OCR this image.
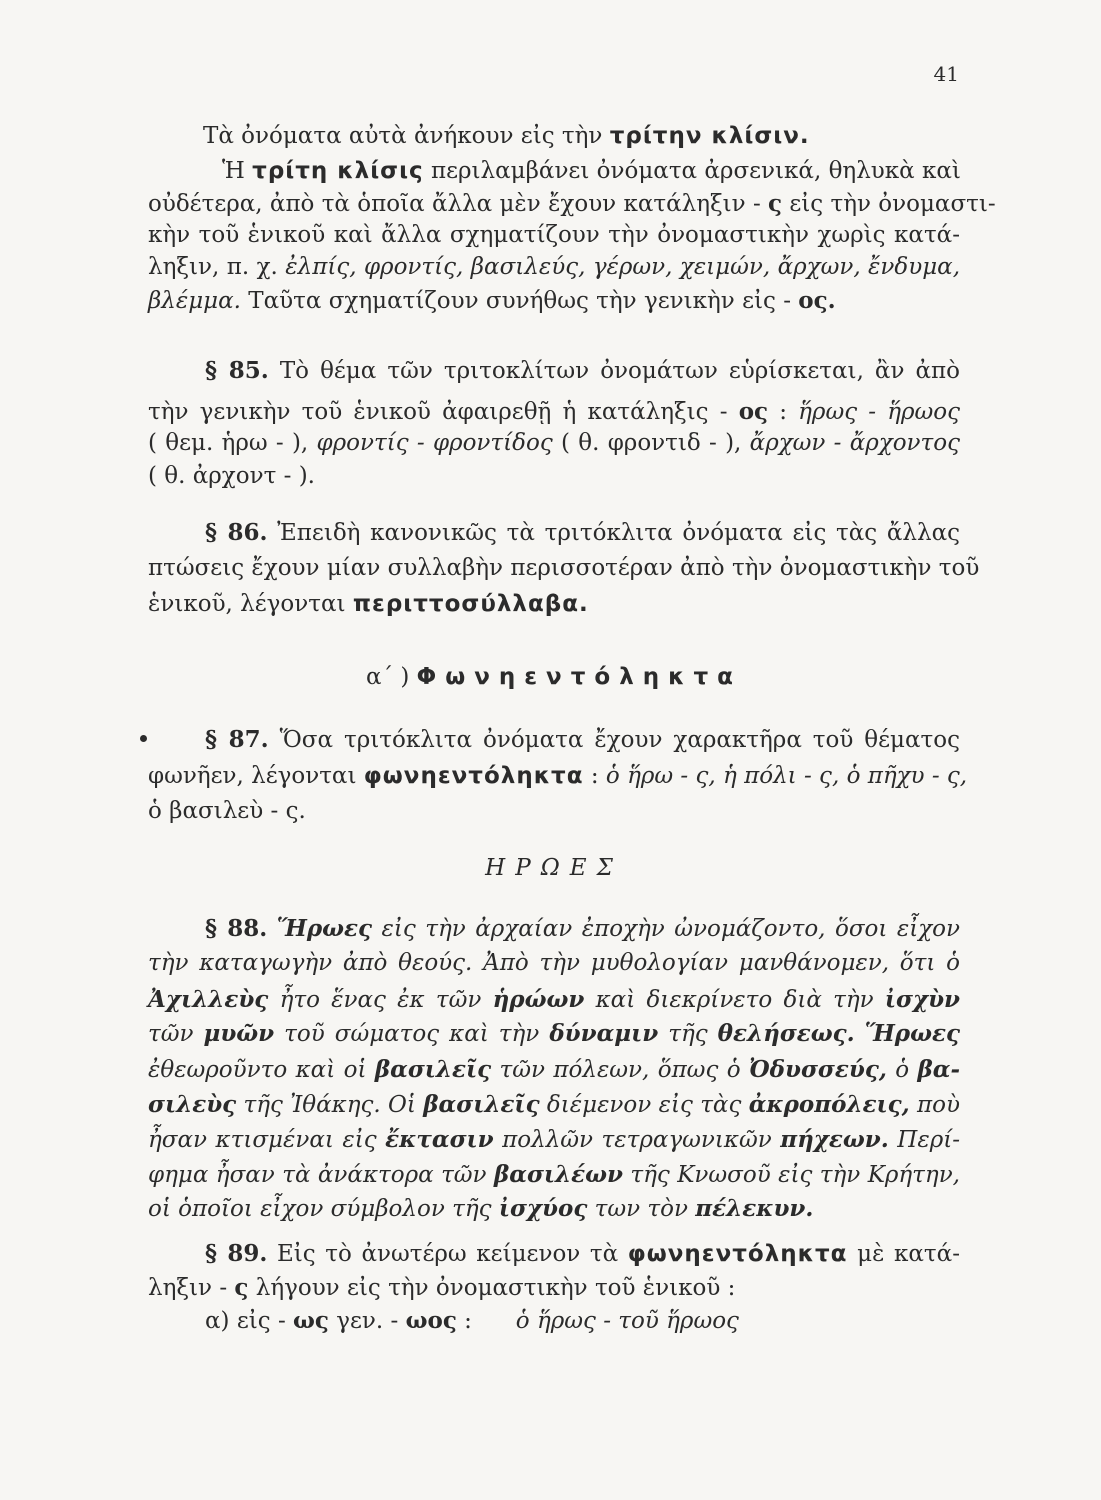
41
Τὰ ὀνόματα αὐτὰ ἀνήκουν εἰς τὴν τρίτην κλίσιν.
Ἡ τρίτη κλίσις περιλαμβάνει ὀνόματα ἀρσενικά, θηλυκὰ καὶ
οὐδέτερα, ἀπὸ τὰ ὁποῖα ἄλλα μὲν ἔχουν κατάληξιν - ς εἰς τὴν ὀνομαστι-
κὴν τοῦ ἑνικοῦ καὶ ἄλλα σχηματίζουν τὴν ὀνομαστικὴν χωρὶς κατά-
ληξιν, π. χ. ἐλπίς, φροντίς, βασιλεύς, γέρων, χειμών, ἄρχων, ἔνδυμα,
βλέμμα. Ταῦτα σχηματίζουν συνήθως τὴν γενικὴν εἰς - ος.
§ 85. Τὸ θέμα τῶν τριτοκλίτων ὀνομάτων εὑρίσκεται, ἂν ἀπὸ
τὴν γενικὴν τοῦ ἑνικοῦ ἀφαιρεθῇ ἡ κατάληξις - ος : ἥρως - ἥρωος
( θεμ. ἡρω - ), φροντίς - φροντίδος ( θ. φροντιδ - ), ἄρχων - ἄρχοντος
( θ. ἀρχοντ - ).
§ 86. Ἐπειδὴ κανονικῶς τὰ τριτόκλιτα ὀνόματα εἰς τὰς ἄλλας
πτώσεις ἔχουν μίαν συλλαβὴν περισσοτέραν ἀπὸ τὴν ὀνομαστικὴν τοῦ
ἑνικοῦ, λέγονται περιττοσύλλαβα.
α΄ ) Φωνηεντόληκτα
§ 87. Ὅσα τριτόκλιτα ὀνόματα ἔχουν χαρακτῆρα τοῦ θέματος
φωνῆεν, λέγονται φωνηεντόληκτα : ὁ ἥρω - ς, ἡ πόλι - ς, ὁ πῆχυ - ς,
ὁ βασιλεὺ - ς.
ΗΡΩΕΣ
§ 88. Ἥρωες εἰς τὴν ἀρχαίαν ἐποχὴν ὠνομάζοντο, ὅσοι εἶχον
τὴν καταγωγὴν ἀπὸ θεούς. Ἀπὸ τὴν μυθολογίαν μανθάνομεν, ὅτι ὁ
Ἀχιλλεὺς ἦτο ἕνας ἐκ τῶν ἡρώων καὶ διεκρίνετο διὰ τὴν ἰσχὺν
τῶν μυῶν τοῦ σώματος καὶ τὴν δύναμιν τῆς θελήσεως. Ἥρωες
ἐθεωροῦντο καὶ οἱ βασιλεῖς τῶν πόλεων, ὅπως ὁ Ὀδυσσεύς, ὁ βα-
σιλεὺς τῆς Ἰθάκης. Οἱ βασιλεῖς διέμενον εἰς τὰς ἀκροπόλεις, ποὺ
ἦσαν κτισμέναι εἰς ἔκτασιν πολλῶν τετραγωνικῶν πήχεων. Περί-
φημα ἦσαν τὰ ἀνάκτορα τῶν βασιλέων τῆς Κνωσοῦ εἰς τὴν Κρήτην,
οἱ ὁποῖοι εἶχον σύμβολον τῆς ἰσχύος των τὸν πέλεκυν.
§ 89. Εἰς τὸ ἀνωτέρω κείμενον τὰ φωνηεντόληκτα μὲ κατά-
ληξιν - ς λήγουν εἰς τὴν ὀνομαστικὴν τοῦ ἑνικοῦ :
α) εἰς - ως γεν. - ωος :      ὁ ἥρως - τοῦ ἥρωος
